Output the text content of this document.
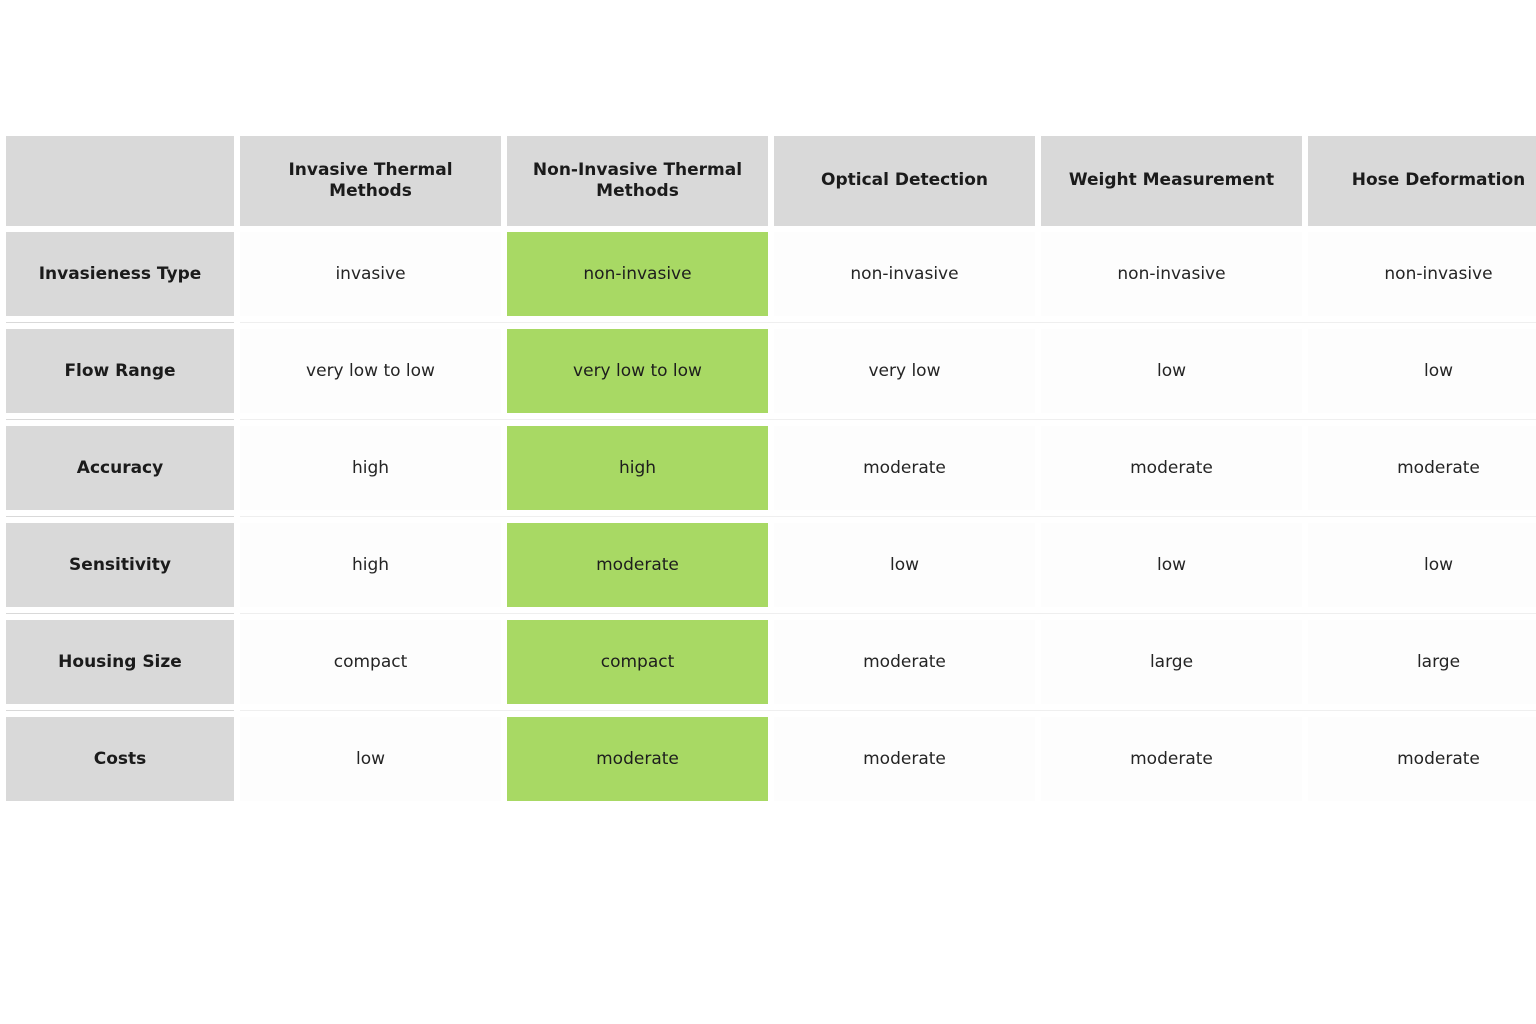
	Invasive Thermal Methods	Non-Invasive Thermal Methods	Optical Detection	Weight Measurement	Hose Deformation
Invasieness Type	invasive	non-invasive	non-invasive	non-invasive	non-invasive

Flow Range	very low to low	very low to low	very low	low	low

Accuracy	high	high	moderate	moderate	moderate

Sensitivity	high	moderate	low	low	low

Housing Size	compact	compact	moderate	large	large

Costs	low	moderate	moderate	moderate	moderate
